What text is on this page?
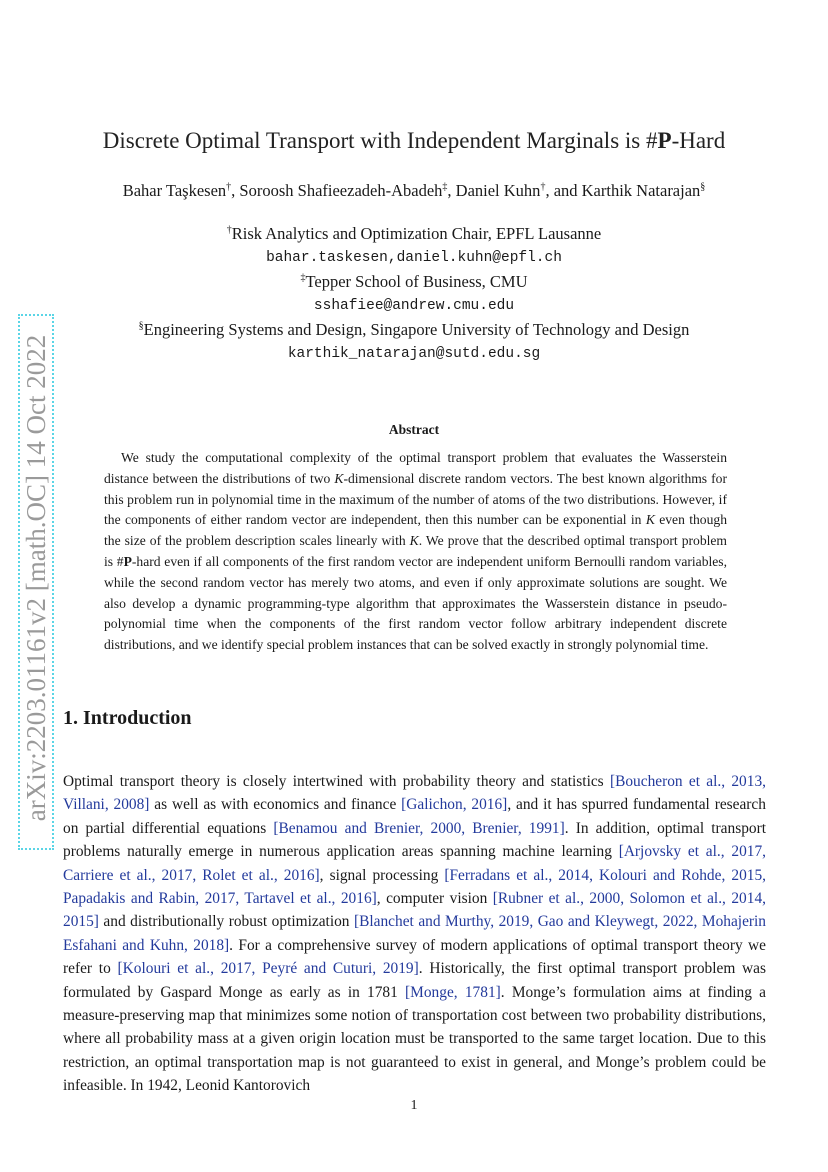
arXiv:2203.01161v2 [math.OC] 14 Oct 2022
Discrete Optimal Transport with Independent Marginals is #P-Hard
Bahar Taşkesen†, Soroosh Shafieezadeh-Abadeh‡, Daniel Kuhn†, and Karthik Natarajan§
†Risk Analytics and Optimization Chair, EPFL Lausanne
bahar.taskesen,daniel.kuhn@epfl.ch
‡Tepper School of Business, CMU
sshafiee@andrew.cmu.edu
§Engineering Systems and Design, Singapore University of Technology and Design
karthik_natarajan@sutd.edu.sg
Abstract

We study the computational complexity of the optimal transport problem that evaluates the Wasserstein distance between the distributions of two K-dimensional discrete random vectors. The best known algorithms for this problem run in polynomial time in the maximum of the number of atoms of the two distributions. However, if the components of either random vector are independent, then this number can be exponential in K even though the size of the problem description scales linearly with K. We prove that the described optimal transport problem is #P-hard even if all components of the first random vector are independent uniform Bernoulli random variables, while the second random vector has merely two atoms, and even if only approximate solutions are sought. We also develop a dynamic programming-type algorithm that approximates the Wasserstein distance in pseudo-polynomial time when the components of the first random vector follow arbitrary independent discrete distributions, and we identify special problem instances that can be solved exactly in strongly polynomial time.

1. Introduction

Optimal transport theory is closely intertwined with probability theory and statistics [Boucheron et al., 2013, Villani, 2008] as well as with economics and finance [Galichon, 2016], and it has spurred fundamental research on partial differential equations [Benamou and Brenier, 2000, Brenier, 1991]. In addition, optimal transport problems naturally emerge in numerous application areas spanning machine learning [Arjovsky et al., 2017, Carriere et al., 2017, Rolet et al., 2016], signal processing [Ferradans et al., 2014, Kolouri and Rohde, 2015, Papadakis and Rabin, 2017, Tartavel et al., 2016], computer vision [Rubner et al., 2000, Solomon et al., 2014, 2015] and distributionally robust optimization [Blanchet and Murthy, 2019, Gao and Kleywegt, 2022, Mohajerin Esfahani and Kuhn, 2018]. For a comprehensive survey of modern applications of optimal transport theory we refer to [Kolouri et al., 2017, Peyré and Cuturi, 2019]. Historically, the first optimal transport problem was formulated by Gaspard Monge as early as in 1781 [Monge, 1781]. Monge’s formulation aims at finding a measure-preserving map that minimizes some notion of transportation cost between two probability distributions, where all probability mass at a given origin location must be transported to the same target location. Due to this restriction, an optimal transportation map is not guaranteed to exist in general, and Monge’s problem could be infeasible. In 1942, Leonid Kantorovich

1
